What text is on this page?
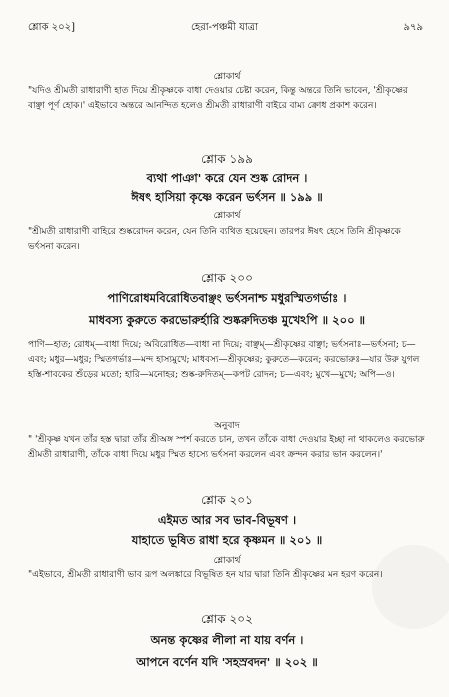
শ্লোক ২০২]	হেরা-পঞ্চমী যাত্রা	৯৭৯
শ্লোকার্থ
"যদিও শ্রীমতী রাধারাণী হাত দিয়ে শ্রীকৃষ্ণকে বাধা দেওয়ার চেষ্টা করেন, কিন্তু অন্তরে তিনি ভাবেন, 'শ্রীকৃষ্ণের বাঞ্ছা পূর্ণ হোক।' এইভাবে অন্তরে আনন্দিত হলেও শ্রীমতী রাধারাণী বাইরে বাম্য ক্রোধ প্রকাশ করেন।
শ্লোক ১৯৯
ব্যথা পাঞা' করে যেন শুষ্ক রোদন ।
ঈষৎ হাসিয়া কৃষ্ণে করেন ভর্ৎসন ॥ ১৯৯ ॥
শ্লোকার্থ
"শ্রীমতী রাধারাণী বাহিরে শুষ্করোদন করেন, যেন তিনি ব্যথিত হয়েছেন। তারপর ঈষৎ হেসে তিনি শ্রীকৃষ্ণকে ভর্ৎসনা করেন।
শ্লোক ২০০
পাণিরোধমবিরোধিতবাঞ্ছং ভর্ৎসনাশ্চ মধুরস্মিতগর্ভাঃ ।
মাধবস্য কুরুতে করভোরুর্হারি শুষ্করুদিতঞ্চ মুখেঽপি ॥ ২০০ ॥
পাণি—হাত; রোধম্—বাধা দিয়ে; অবিরোধিত—বাধা না দিয়ে; বাঞ্ছম্—শ্রীকৃষ্ণের বাঞ্ছা; ভর্ৎসনাঃ—ভর্ৎসনা; চ—এবং; মধুর—মধুর; স্মিতগর্ভাঃ—মন্দ হাস্যমুখে; মাধবস্য—শ্রীকৃষ্ণের; কুরুতে—করেন; করভোরুঃ—যার উরু যুগল হস্তি-শাবকের শুঁড়ের মতো; হারি—মনোহর; শুষ্ক-রুদিতম্—কপট রোদন; চ—এবং; মুখে—মুখে; অপি—ও।
অনুবাদ
" 'শ্রীকৃষ্ণ যখন তাঁর হস্ত দ্বারা তাঁর শ্রীঅঙ্গ স্পর্শ করতে চান, তখন তাঁকে বাধা দেওয়ার ইচ্ছা না থাকলেও করভোরু শ্রীমতী রাধারাণী, তাঁকে বাধা দিয়ে মধুর স্মিত হাস্যে ভর্ৎসনা করলেন এবং ক্রন্দন করার ভান করলেন।'
শ্লোক ২০১
এইমত আর সব ভাব-বিভূষণ ।
যাহাতে ভূষিত রাধা হরে কৃষ্ণমন ॥ ২০১ ॥
শ্লোকার্থ
"এইভাবে, শ্রীমতী রাধারাণী ভাব রূপ অলঙ্কারে বিভূষিত হন যার দ্বারা তিনি শ্রীকৃষ্ণের মন হরণ করেন।
শ্লোক ২০২
অনন্ত কৃষ্ণের লীলা না যায় বর্ণন ।
আপনে বর্ণেন যদি 'সহস্রবদন' ॥ ২০২ ॥
